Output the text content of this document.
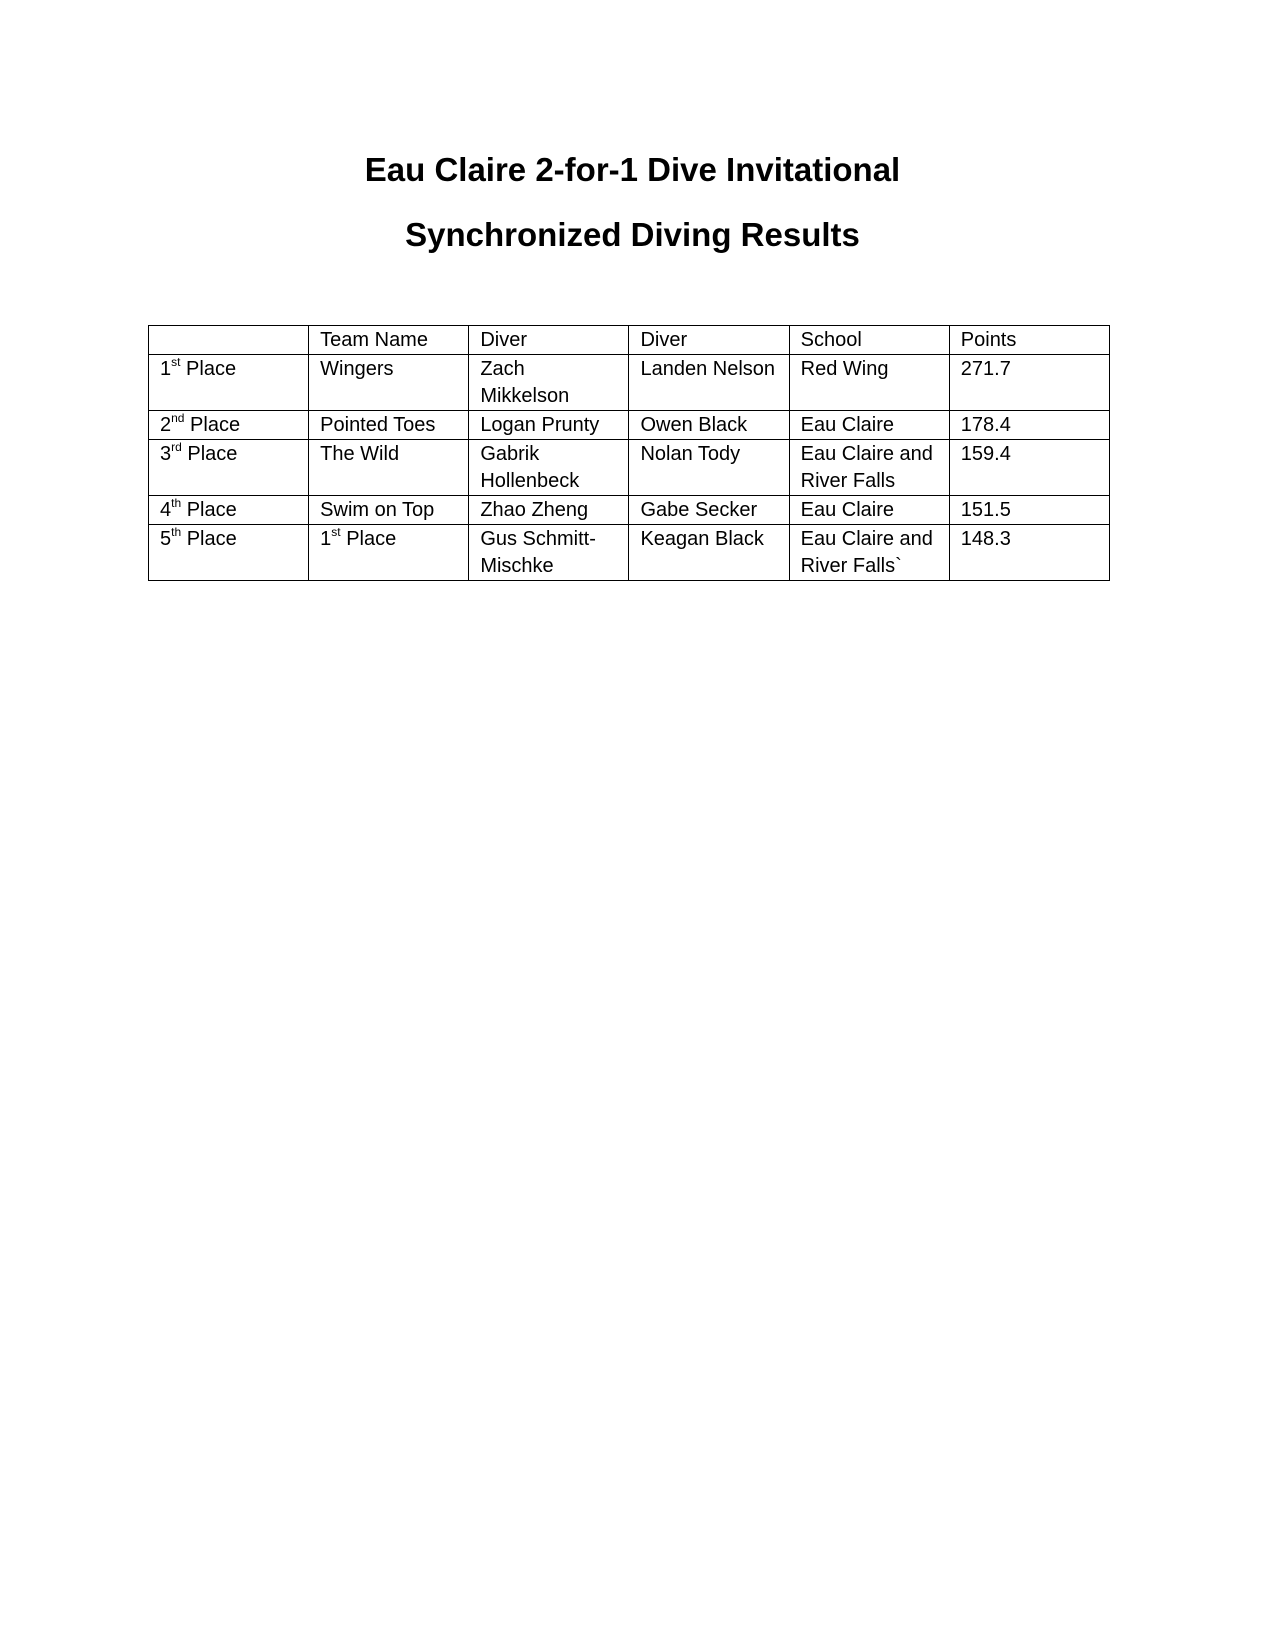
Eau Claire 2-for-1 Dive Invitational
Synchronized Diving Results
	Team Name	Diver	Diver	School	Points
1st Place	Wingers	Zach Mikkelson	Landen Nelson	Red Wing	271.7
2nd Place	Pointed Toes	Logan Prunty	Owen Black	Eau Claire	178.4
3rd Place	The Wild	Gabrik Hollenbeck	Nolan Tody	Eau Claire and River Falls	159.4
4th Place	Swim on Top	Zhao Zheng	Gabe Secker	Eau Claire	151.5
5th Place	1st Place	Gus Schmitt-Mischke	Keagan Black	Eau Claire and River Falls`	148.3
